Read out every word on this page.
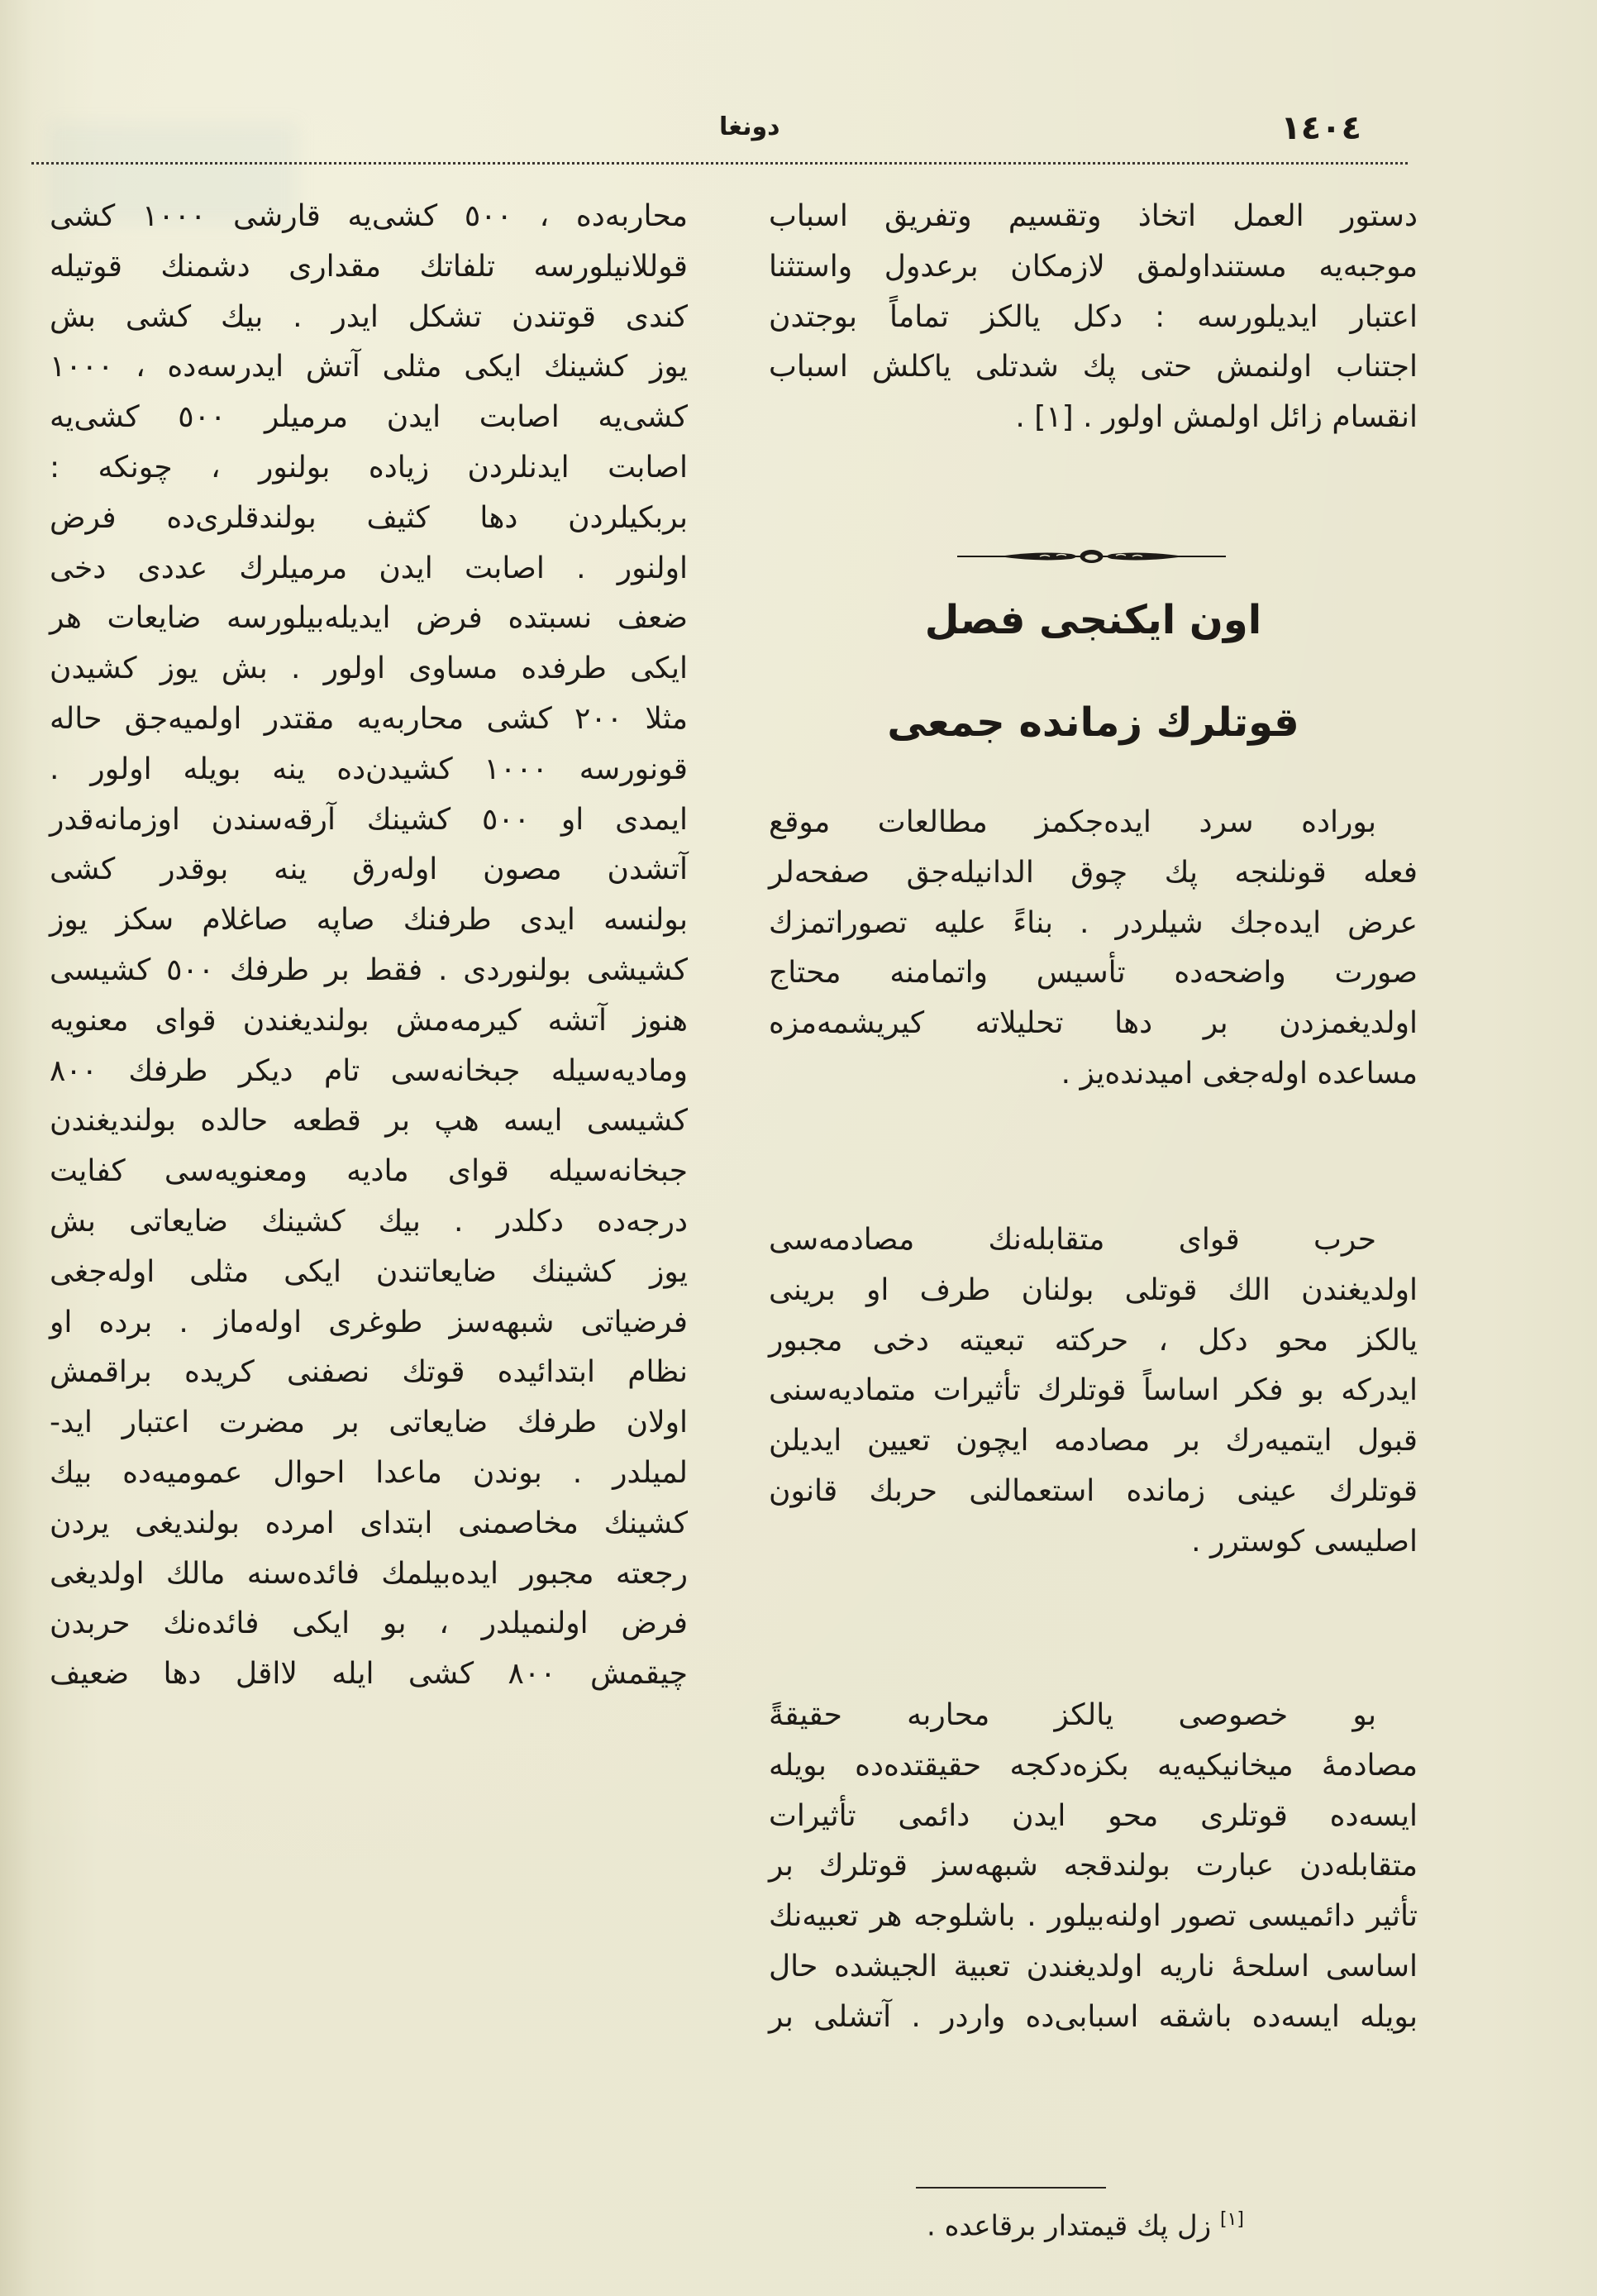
١٤٠٤
دونغا

دستور العمل اتخاذ وتقسيم وتفريق اسباب
موجبه‌یه مستنداولمق لازمكان برعدول واستثنا
اعتبار ایدیلورسه : دكل یالكز تماماً بوجتدن
اجتناب اولنمش حتی پك شدتلی یاكلش اسباب
انقسام زائل اولمش اولور . [١] .

اون ایكنجی فصل
قوتلرك زمانده جمعی

بوراده سرد ایده‌جكمز مطالعات موقع
فعله قونلنجه پك چوق الدانیله‌جق صفحه‌لر
عرض ایده‌جك شیلردر . بناءً علیه تصوراتمزك
صورت واضحه‌ده تأسیس واتمامنه محتاج
اولدیغمزدن بر دها تحلیلاته كیریشمه‌مزه
مساعده اوله‌جغی امیدنده‌یز .

حرب قوای متقابله‌نك مصادمه‌سی
اولدیغندن الك قوتلی بولنان طرف او برینی
یالكز محو دكل ، حركته تبعیته دخی مجبور
ایدركه بو فكر اساساً قوتلرك تأثیرات متمادیه‌سنی
قبول ایتمیه‌رك بر مصادمه ایچون تعیین ایدیلن
قوتلرك عینی زمانده استعمالنی حربك قانون
اصلیسی كوسترر .

بو خصوصی یالكز محاربه حقیقةً
مصادمهٔ میخانیكیه‌یه بكزه‌دكجه حقیقتده‌ده بویله
ایسه‌ده قوتلری محو ایدن دائمی تأثیرات
متقابله‌دن عبارت بولندقجه شبهه‌سز قوتلرك بر
تأثیر دائمیسی تصور اولنه‌بیلور . باشلوجه هر تعبیه‌نك
اساسی اسلحهٔ ناریه اولدیغندن تعبیة الجیشده حال
بویله ایسه‌ده باشقه اسبابی‌ده واردر . آتشلی بر

[١] زل پك قیمتدار برقاعده .

محاربه‌ده ، ٥٠٠ كشی‌یه قارشی ١٠٠٠ كشی
قوللانیلورسه تلفاتك مقداری دشمنك قوتیله
كندی قوتندن تشكل ایدر . بیك كشی بش
یوز كشینك ایكی مثلی آتش ایدرسه‌ده ، ١٠٠٠
كشی‌یه اصابت ایدن مرمیلر ٥٠٠ كشی‌یه
اصابت ایدنلردن زیاده بولنور ، چونكه :
بربكیلردن دها كثیف بولندقلری‌ده فرض
اولنور . اصابت ایدن مرمیلرك عددی دخی
ضعف نسبتده فرض ایدیله‌بیلورسه ضایعات هر
ایكی طرفده مساوی اولور . بش یوز كشیدن
مثلا ٢٠٠ كشی محاربه‌یه مقتدر اولمیه‌جق حاله
قونورسه ١٠٠٠ كشیدن‌ده ینه بویله اولور .
ایمدی او ٥٠٠ كشینك آرقه‌سندن اوزمانه‌قدر
آتشدن مصون اوله‌رق ینه بوقدر كشی
بولنسه ایدی طرفنك صاپه صاغلام سكز یوز
كشیشی بولنوردی . فقط بر طرفك ٥٠٠ كشیسی
هنوز آتشه كیرمه‌مش بولندیغندن قوای معنویه
ومادیه‌سیله جبخانه‌سی تام دیكر طرفك ٨٠٠
كشیسی ایسه هپ بر قطعه حالده بولندیغندن
جبخانه‌سیله قوای مادیه ومعنویه‌سی كفایت
درجه‌ده دكلدر . بیك كشینك ضایعاتی بش
یوز كشینك ضایعاتندن ایكی مثلی اوله‌جغی
فرضیاتی شبهه‌سز طوغری اوله‌ماز . برده او
نظام ابتدائیده قوتك نصفنی كریده براقمش
اولان طرفك ضایعاتی بر مضرت اعتبار اید-
لمیلدر . بوندن ماعدا احوال عمومیه‌ده بیك
كشینك مخاصمنی ابتدای امرده بولندیغی یردن
رجعته مجبور ایده‌بیلمك فائده‌سنه مالك اولدیغی
فرض اولنمیلدر ، بو ایكی فائده‌نك حربدن
چیقمش ٨٠٠ كشی ایله لااقل دها ضعیف
